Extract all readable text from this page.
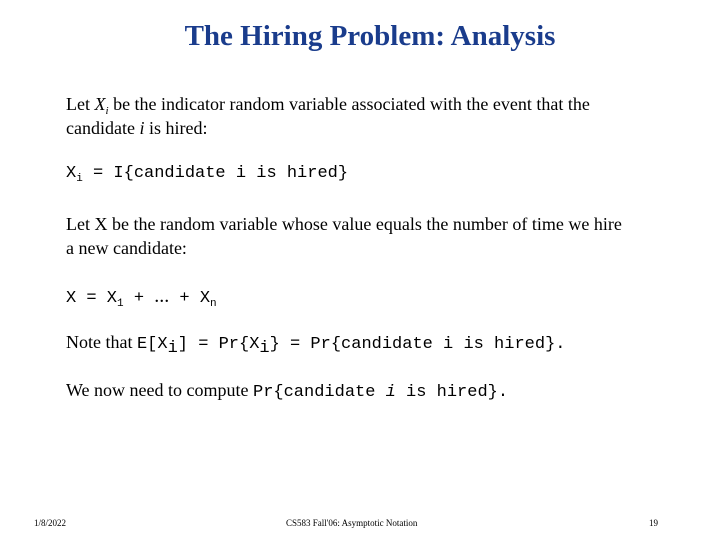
The Hiring Problem: Analysis
Let $X_i$ be the indicator random variable associated with the event that the
candidate i is hired:
$X_i$ = I{candidate i is hired}
Let X be the random variable whose value equals the number of time we hire
a new candidate:
$X = X_1$ + ... + $X_n$
Note that $E[X_i] = Pr\{X_i\}$ = Pr{candidate i is hired}.
We now need to compute Pr{candidate i is hired}.
1/8/2022	CS583 Fall'06: Asymptotic Notation	19
